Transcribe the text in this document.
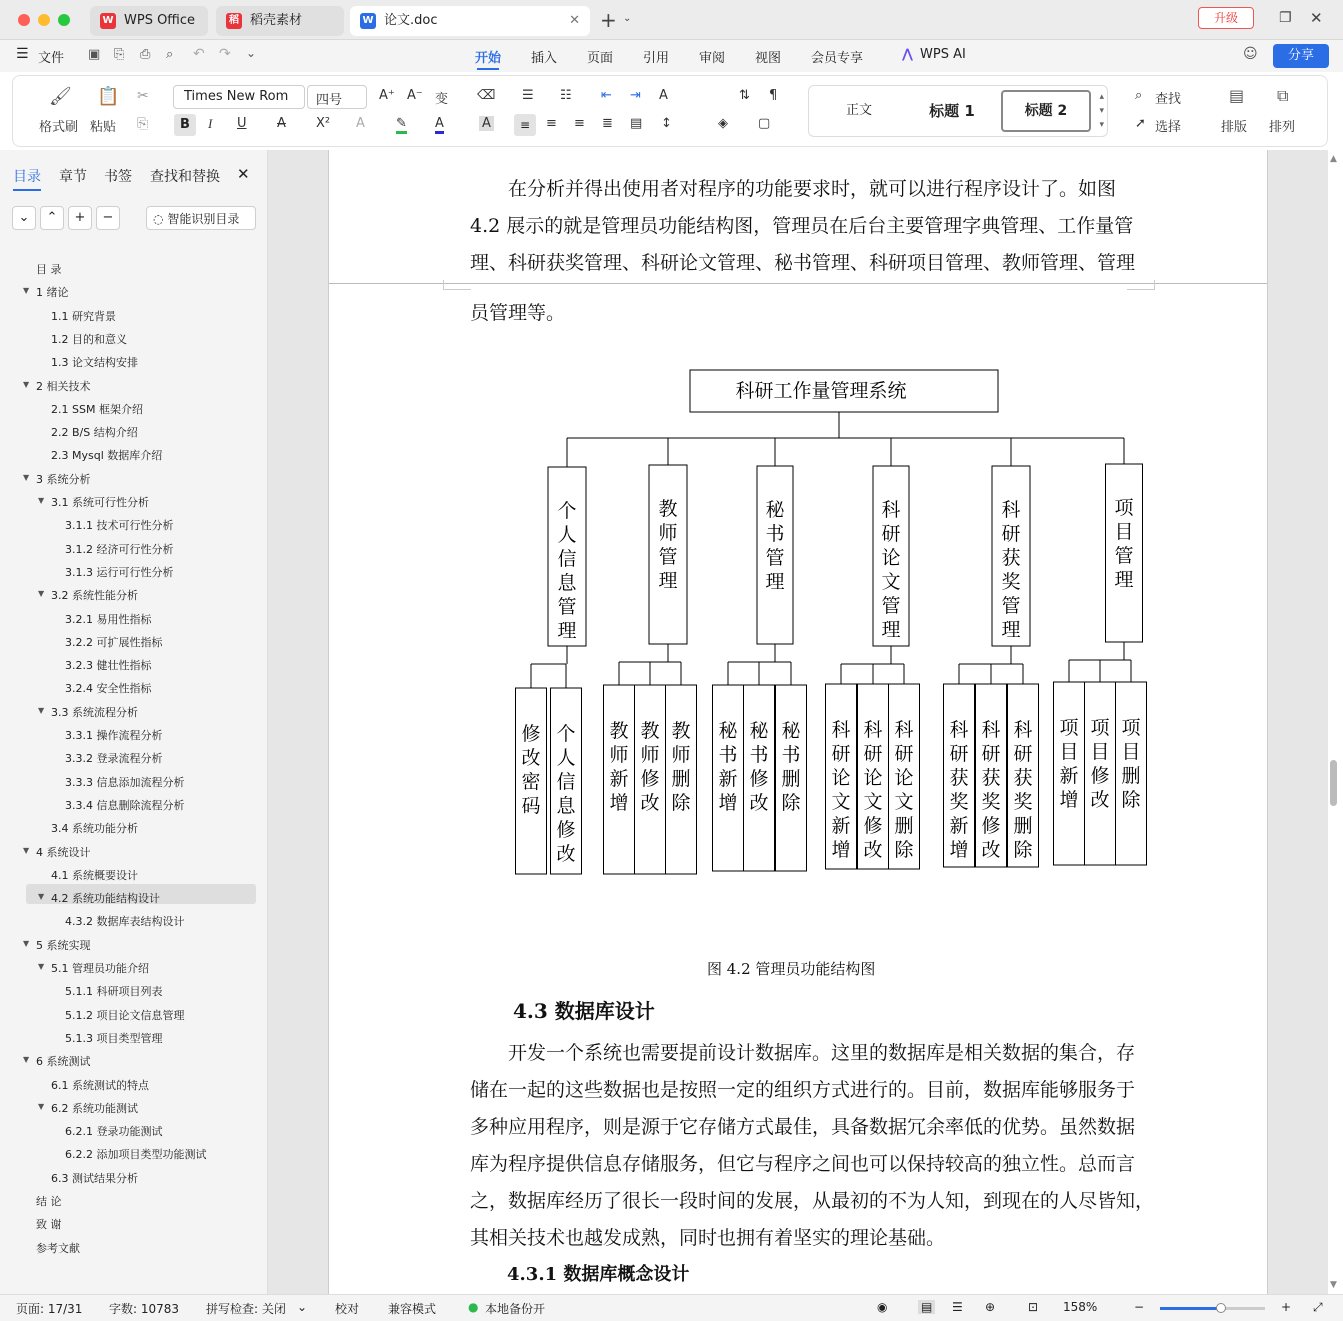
W WPS Office	稻 稻壳素材	W 论文.doc	✕ + ⌄	升级	❐ ✕
☰ 文件 ▣ ⎘ ⎙ ⌕ ↶ ↷ ⌄	开始 插入 页面 引用 审阅 视图 会员专享	⋀ WPS AI	☺	分享
🖌
格式刷
📋
粘贴
✂
⎘
Times New Rom	四号	A⁺ A⁻ 变 ⌫
B	I U A X² A ✎ A	A
☰ ☷ ⇤ ⇥ A	⇅ ¶
≡	≡ ≡ ≣ ▤ ↕	◈ ▢
正文	标题 1	标题 2
▴
▾
▾
⌕ 查找
➚ 选择
▤
排版
⧉
排列
目录 章节 书签 查找和替换 ✕
⌄	⌃	+	−	◌ 智能识别目录
目 录
1 绪论
▼
1.1 研究背景
1.2 目的和意义
1.3 论文结构安排
2 相关技术
▼
2.1 SSM 框架介绍
2.2 B/S 结构介绍
2.3 Mysql 数据库介绍
3 系统分析
▼
3.1 系统可行性分析
▼
3.1.1 技术可行性分析
3.1.2 经济可行性分析
3.1.3 运行可行性分析
3.2 系统性能分析
▼
3.2.1 易用性指标
3.2.2 可扩展性指标
3.2.3 健壮性指标
3.2.4 安全性指标
3.3 系统流程分析
▼
3.3.1 操作流程分析
3.3.2 登录流程分析
3.3.3 信息添加流程分析
3.3.4 信息删除流程分析
3.4 系统功能分析
4 系统设计
▼
4.1 系统概要设计
4.2 系统功能结构设计
▼
4.3.2 数据库表结构设计
5 系统实现
▼
5.1 管理员功能介绍
▼
5.1.1 科研项目列表
5.1.2 项目论文信息管理
5.1.3 项目类型管理
6 系统测试
▼
6.1 系统测试的特点
6.2 系统功能测试
▼
6.2.1 登录功能测试
6.2.2 添加项目类型功能测试
6.3 测试结果分析
结 论
致 谢
参考文献
在分析并得出使用者对程序的功能要求时，就可以进行程序设计了。如图
4.2 展示的就是管理员功能结构图，管理员在后台主要管理字典管理、工作量管
理、科研获奖管理、科研论文管理、秘书管理、科研项目管理、教师管理、管理
员管理等。
科研工作量管理系统
个人信息管理
修改密码
个人信息修改
教师管理
教师新增
教师修改
教师删除
秘书管理
秘书新增
秘书修改
秘书删除
科研论文管理
科研论文新增
科研论文修改
科研论文删除
科研获奖管理
科研获奖新增
科研获奖修改
科研获奖删除
项目管理
项目新增
项目修改
项目删除
图 4.2 管理员功能结构图
4.3 数据库设计
开发一个系统也需要提前设计数据库。这里的数据库是相关数据的集合，存
储在一起的这些数据也是按照一定的组织方式进行的。目前，数据库能够服务于
多种应用程序，则是源于它存储方式最佳，具备数据冗余率低的优势。虽然数据
库为程序提供信息存储服务，但它与程序之间也可以保持较高的独立性。总而言
之，数据库经历了很长一段时间的发展，从最初的不为人知，到现在的人尽皆知，
其相关技术也越发成熟，同时也拥有着坚实的理论基础。
4.3.1 数据库概念设计
▲
▼
页面: 17/31 字数: 10783 拼写检查: 关闭 ⌄ 校对 兼容模式	● 本地备份开	◉	▤ ☰ ⊕	⊡ 158%	−	+ ⤢
